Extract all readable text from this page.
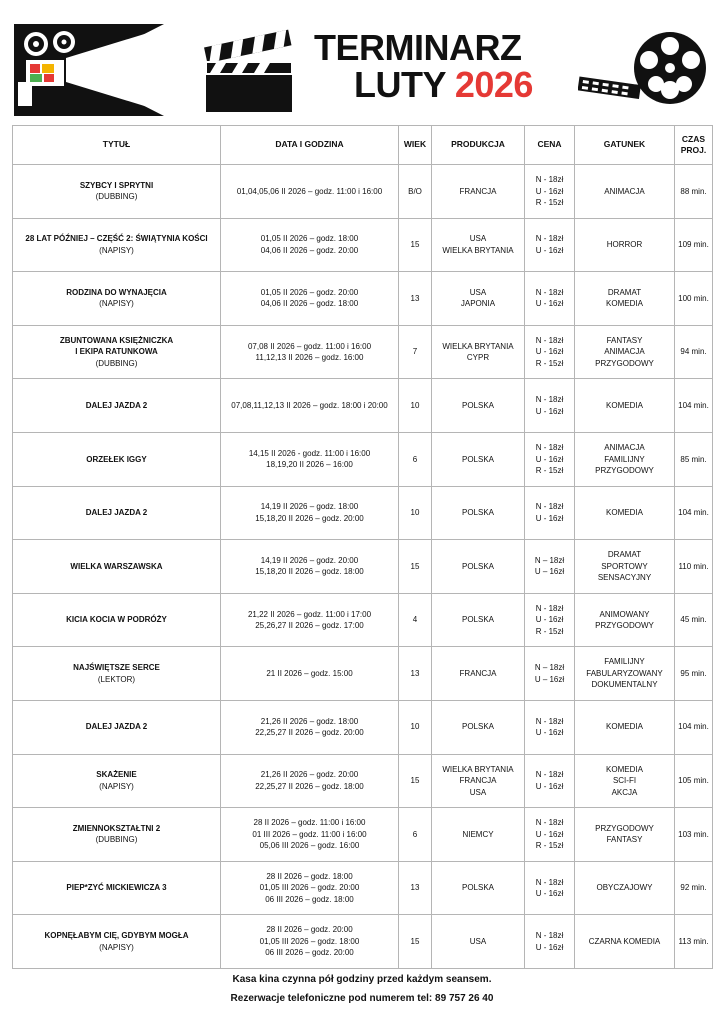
TERMINARZ
LUTY 2026
TYTUŁ	DATA I GODZINA	WIEK	PRODUKCJA	CENA	GATUNEK	CZAS PROJ.

SZYBCY I SPRYTNI
(DUBBING)	01,04,05,06 II 2026 – godz. 11:00 i 16:00	B/O	FRANCJA	N - 18zł
U - 16zł
R - 15zł	ANIMACJA	88 min.

28 LAT PÓŹNIEJ – CZĘŚĆ 2: ŚWIĄTYNIA KOŚCI
(NAPISY)	01,05 II 2026 – godz. 18:00
04,06 II 2026 – godz. 20:00	15	USA
WIELKA BRYTANIA	N - 18zł
U - 16zł	HORROR	109 min.

RODZINA DO WYNAJĘCIA
(NAPISY)	01,05 II 2026 – godz. 20:00
04,06 II 2026 – godz. 18:00	13	USA
JAPONIA	N - 18zł
U - 16zł	DRAMAT
KOMEDIA	100 min.

ZBUNTOWANA KSIĘŻNICZKA
I EKIPA RATUNKOWA
(DUBBING)	07,08 II 2026 – godz. 11:00 i 16:00
11,12,13 II 2026 – godz. 16:00	7	WIELKA BRYTANIA
CYPR	N - 18zł
U - 16zł
R - 15zł	FANTASY
ANIMACJA
PRZYGODOWY	94 min.

DALEJ JAZDA 2	07,08,11,12,13 II 2026 – godz. 18:00 i 20:00	10	POLSKA	N - 18zł
U - 16zł	KOMEDIA	104 min.

ORZEŁEK IGGY	14,15 II 2026 - godz. 11:00 i 16:00
18,19,20 II 2026 – 16:00	6	POLSKA	N - 18zł
U - 16zł
R - 15zł	ANIMACJA
FAMILIJNY
PRZYGODOWY	85 min.

DALEJ JAZDA 2	14,19 II 2026 – godz. 18:00
15,18,20 II 2026 – godz. 20:00	10	POLSKA	N - 18zł
U - 16zł	KOMEDIA	104 min.

WIELKA WARSZAWSKA	14,19 II 2026 – godz. 20:00
15,18,20 II 2026 – godz. 18:00	15	POLSKA	N – 18zł
U – 16zł	DRAMAT
SPORTOWY
SENSACYJNY	110 min.

KICIA KOCIA W PODRÓŻY	21,22 II 2026 – godz. 11:00 i 17:00
25,26,27 II 2026 – godz. 17:00	4	POLSKA	N - 18zł
U - 16zł
R - 15zł	ANIMOWANY
PRZYGODOWY	45 min.

NAJŚWIĘTSZE SERCE
(LEKTOR)	21 II 2026 – godz. 15:00	13	FRANCJA	N – 18zł
U – 16zł	FAMILIJNY
FABULARYZOWANY
DOKUMENTALNY	95 min.

DALEJ JAZDA 2	21,26 II 2026 – godz. 18:00
22,25,27 II 2026 – godz. 20:00	10	POLSKA	N - 18zł
U - 16zł	KOMEDIA	104 min.

SKAŻENIE
(NAPISY)	21,26 II 2026 – godz. 20:00
22,25,27 II 2026 – godz. 18:00	15	WIELKA BRYTANIA
FRANCJA
USA	N - 18zł
U - 16zł	KOMEDIA
SCI-FI
AKCJA	105 min.

ZMIENNOKSZTAŁTNI 2
(DUBBING)	28 II 2026 – godz. 11:00 i 16:00
01 III 2026 – godz. 11:00 i 16:00
05,06 III 2026 – godz. 16:00	6	NIEMCY	N - 18zł
U - 16zł
R - 15zł	PRZYGODOWY
FANTASY	103 min.

PIEP*ZYĆ MICKIEWICZA 3	28 II 2026 – godz. 18:00
01,05 III 2026 – godz. 20:00
06 III 2026 – godz. 18:00	13	POLSKA	N - 18zł
U - 16zł	OBYCZAJOWY	92 min.

KOPNĘŁABYM CIĘ, GDYBYM MOGŁA
(NAPISY)	28 II 2026 – godz. 20:00
01,05 III 2026 – godz. 18:00
06 III 2026 – godz. 20:00	15	USA	N - 18zł
U - 16zł	CZARNA KOMEDIA	113 min.
Kasa kina czynna pół godziny przed każdym seansem.
Rezerwacje telefoniczne pod numerem tel: 89 757 26 40
